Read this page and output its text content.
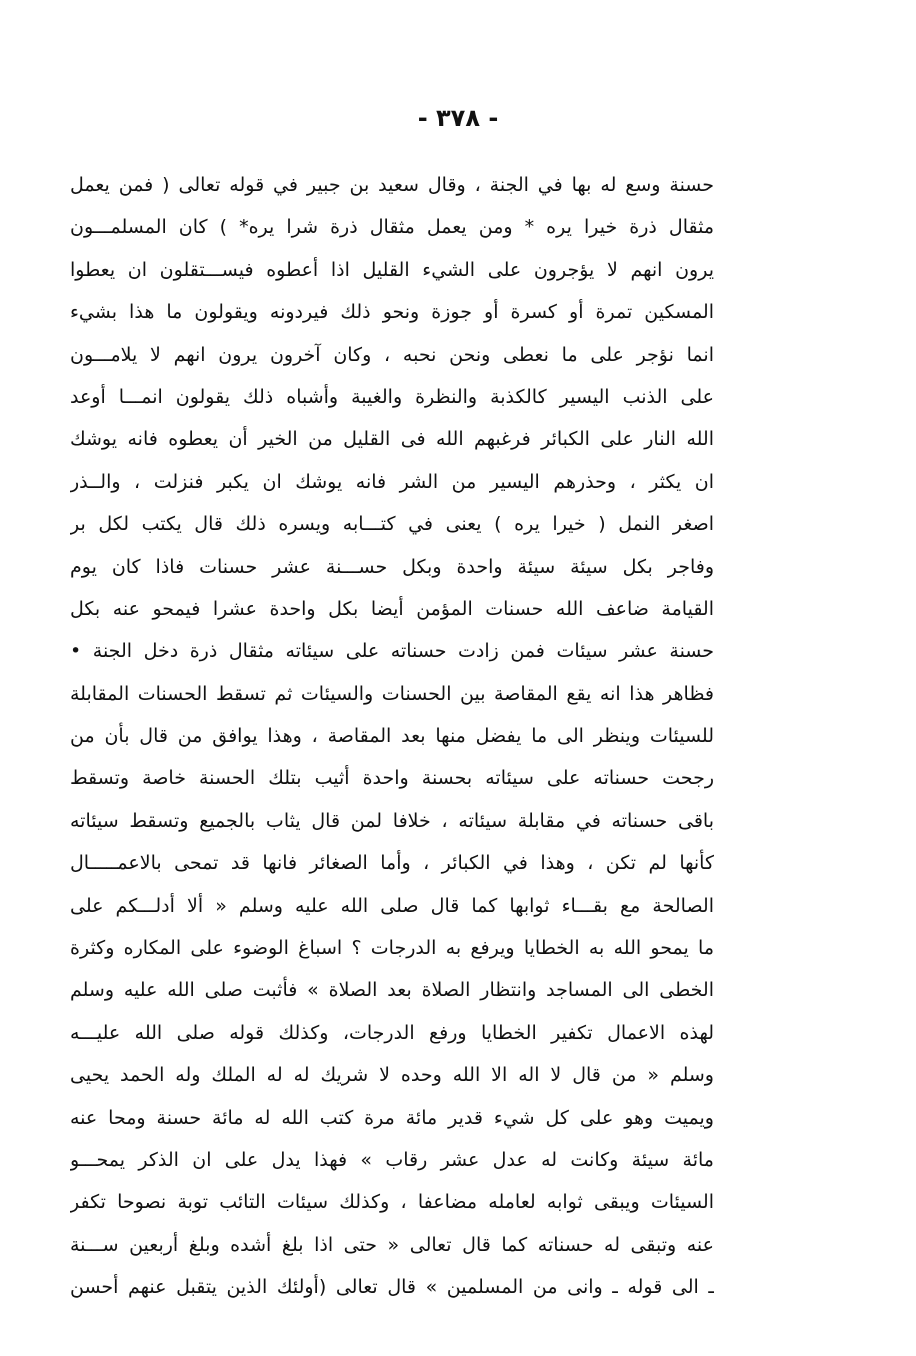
- ٣٧٨ -
حسنة وسع له بها في الجنة ، وقال سعيد بن جبير في قوله تعالى ( فمن يعمل
مثقال ذرة خيرا يره * ومن يعمل مثقال ذرة شرا يره* ) كان المسلمـــون
يرون انهم لا يؤجرون على الشيء القليل اذا أعطوه فيســـتقلون ان يعطوا
المسكين تمرة أو كسرة أو جوزة ونحو ذلك فيردونه ويقولون ما هذا بشيء
انما نؤجر على ما نعطى ونحن نحبه ، وكان آخرون يرون انهم لا يلامـــون
على الذنب اليسير كالكذبة والنظرة والغيبة وأشباه ذلك يقولون انمـــا أوعد
الله النار على الكبائر فرغبهم الله فى القليل من الخير أن يعطوه فانه يوشك
ان يكثر ، وحذرهم اليسير من الشر فانه يوشك ان يكبر فنزلت ، والــذر
اصغر النمل ( خيرا يره ) يعنى في كتـــابه ويسره ذلك قال يكتب لكل بر
وفاجر بكل سيئة سيئة واحدة وبكل حســـنة عشر حسنات فاذا كان يوم
القيامة ضاعف الله حسنات المؤمن أيضا بكل واحدة عشرا فيمحو عنه بكل
حسنة عشر سيئات فمن زادت حسناته على سيئاته مثقال ذرة دخل الجنة •
فظاهر هذا انه يقع المقاصة بين الحسنات والسيئات ثم تسقط الحسنات المقابلة
للسيئات وينظر الى ما يفضل منها بعد المقاصة ، وهذا يوافق من قال بأن من
رجحت حسناته على سيئاته بحسنة واحدة أثيب بتلك الحسنة خاصة وتسقط
باقى حسناته في مقابلة سيئاته ، خلافا لمن قال يثاب بالجميع وتسقط سيئاته
كأنها لم تكن ، وهذا في الكبائر ، وأما الصغائر فانها قد تمحى بالاعمـــــال
الصالحة مع بقـــاء ثوابها كما قال صلى الله عليه وسلم « ألا أدلـــكم على
ما يمحو الله به الخطايا ويرفع به الدرجات ؟ اسباغ الوضوء على المكاره وكثرة
الخطى الى المساجد وانتظار الصلاة بعد الصلاة » فأثبت صلى الله عليه وسلم
لهذه الاعمال تكفير الخطايا ورفع الدرجات، وكذلك قوله صلى الله عليـــه
وسلم « من قال لا اله الا الله وحده لا شريك له له الملك وله الحمد يحيى
ويميت وهو على كل شيء قدير مائة مرة كتب الله له مائة حسنة ومحا عنه
مائة سيئة وكانت له عدل عشر رقاب » فهذا يدل على ان الذكر يمحـــو
السيئات ويبقى ثوابه لعامله مضاعفا ، وكذلك سيئات التائب توبة نصوحا تكفر
عنه وتبقى له حسناته كما قال تعالى « حتى اذا بلغ أشده وبلغ أربعين ســـنة
ـ الى قوله ـ وانى من المسلمين » قال تعالى (أولئك الذين يتقبل عنهم أحسن
